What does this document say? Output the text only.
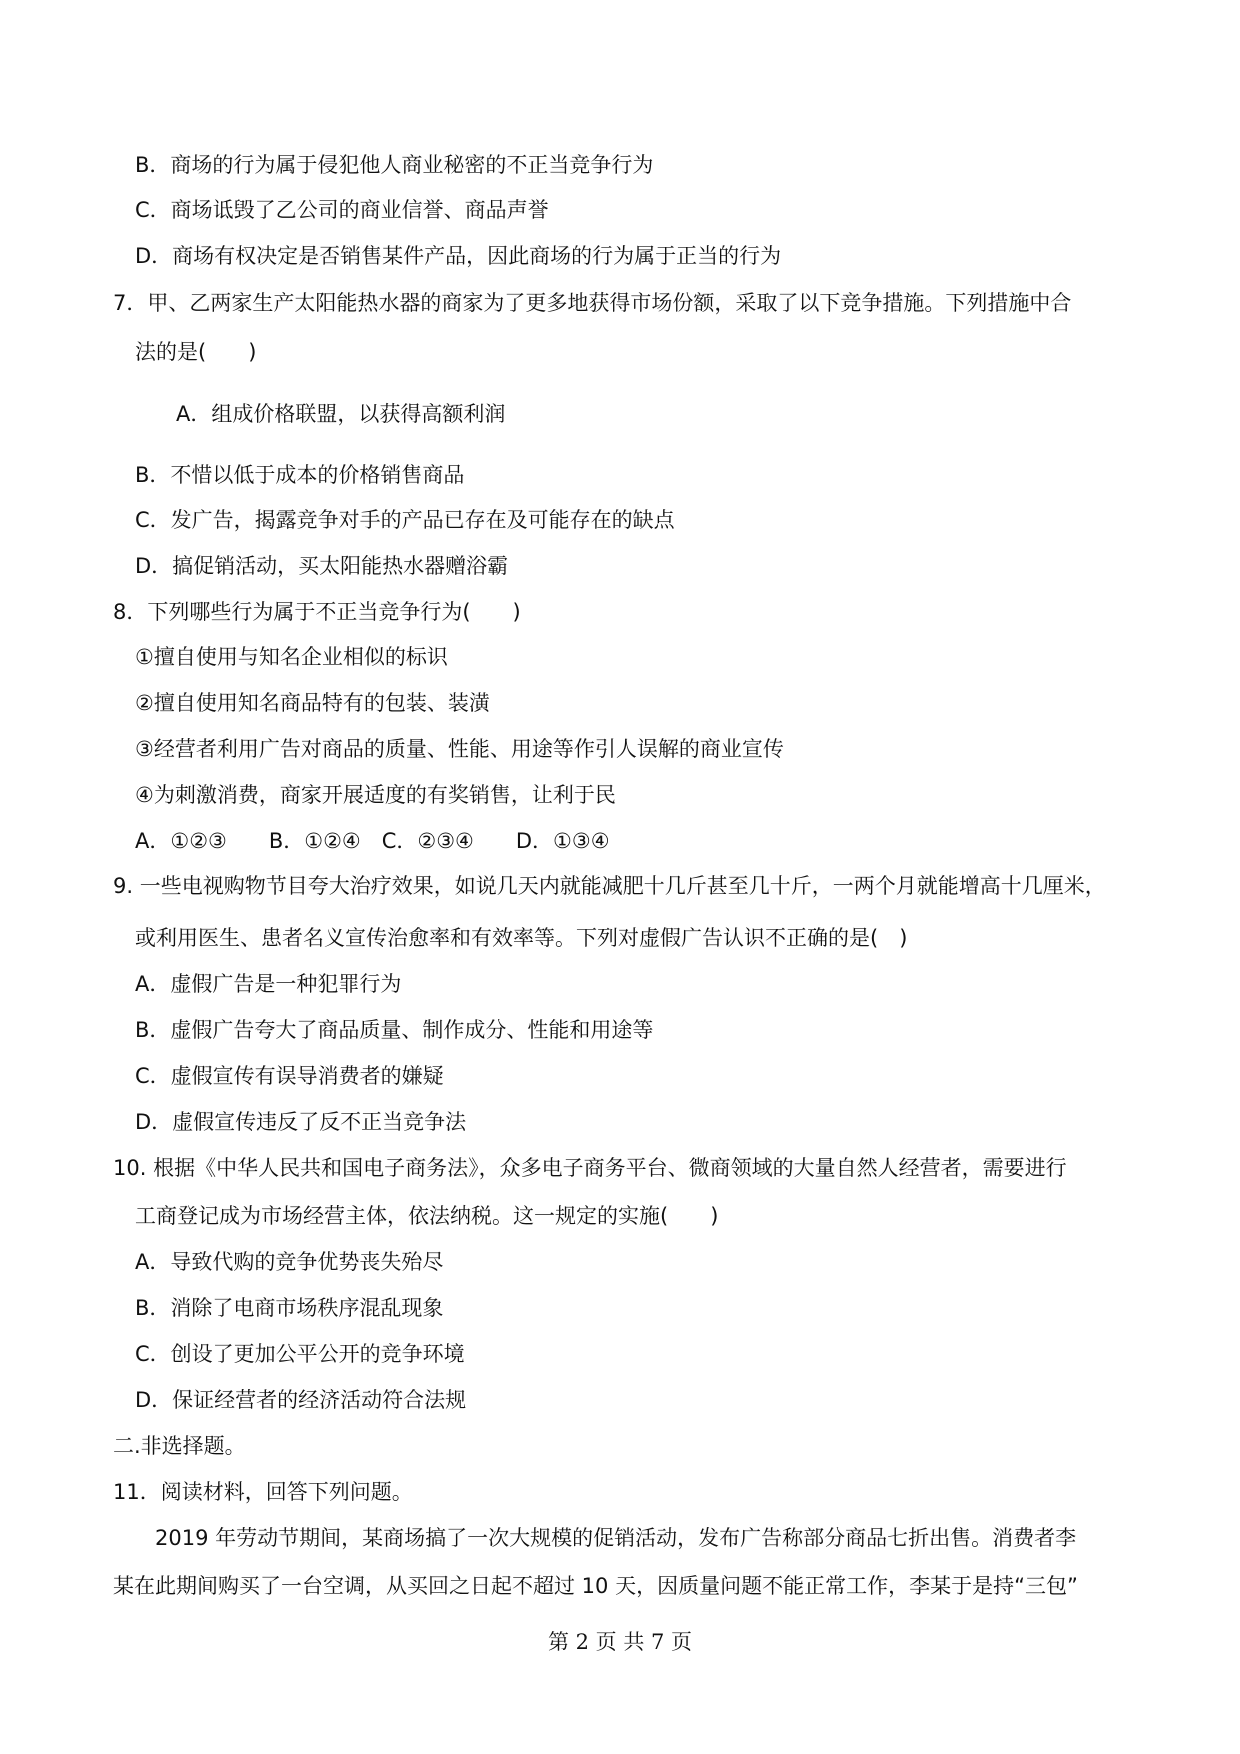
B．商场的行为属于侵犯他人商业秘密的不正当竞争行为
C．商场诋毁了乙公司的商业信誉、商品声誉
D．商场有权决定是否销售某件产品，因此商场的行为属于正当的行为
7．甲、乙两家生产太阳能热水器的商家为了更多地获得市场份额，采取了以下竞争措施。下列措施中合
法的是(　　)
A．组成价格联盟，以获得高额利润
B．不惜以低于成本的价格销售商品
C．发广告，揭露竞争对手的产品已存在及可能存在的缺点
D．搞促销活动，买太阳能热水器赠浴霸
8．下列哪些行为属于不正当竞争行为(　　)
①擅自使用与知名企业相似的标识
②擅自使用知名商品特有的包装、装潢
③经营者利用广告对商品的质量、性能、用途等作引人误解的商业宣传
④为刺激消费，商家开展适度的有奖销售，让利于民
A．①②③　　B．①②④　C．②③④　　D．①③④
9. 一些电视购物节目夸大治疗效果，如说几天内就能减肥十几斤甚至几十斤，一两个月就能增高十几厘米，
或利用医生、患者名义宣传治愈率和有效率等。下列对虚假广告认识不正确的是(　)
A．虚假广告是一种犯罪行为
B．虚假广告夸大了商品质量、制作成分、性能和用途等
C．虚假宣传有误导消费者的嫌疑
D．虚假宣传违反了反不正当竞争法
10. 根据《中华人民共和国电子商务法》，众多电子商务平台、微商领域的大量自然人经营者，需要进行
工商登记成为市场经营主体，依法纳税。这一规定的实施(　　)
A．导致代购的竞争优势丧失殆尽
B．消除了电商市场秩序混乱现象
C．创设了更加公平公开的竞争环境
D．保证经营者的经济活动符合法规
二.非选择题。
11．阅读材料，回答下列问题。
2019 年劳动节期间，某商场搞了一次大规模的促销活动，发布广告称部分商品七折出售。消费者李
某在此期间购买了一台空调，从买回之日起不超过 10 天，因质量问题不能正常工作，李某于是持“三包”
第 2 页 共 7 页
